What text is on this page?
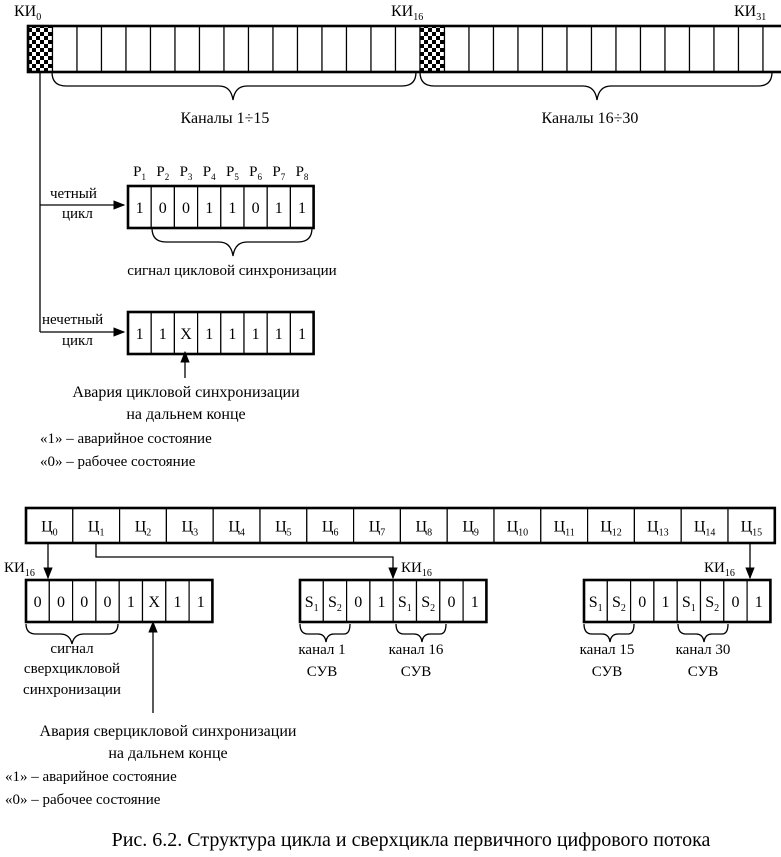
$КИ_0$	$КИ_{16}$	$КИ_{31}$
Каналы 1÷15	Каналы 16÷30
четный
цикл
$P_1$ $P_2$ $P_3$ $P_4$ $P_5$ $P_6$ $P_7$ $P_8$
1 0 0 1 1 0 1 1
сигнал цикловой синхронизации
нечетный
цикл	1 1 X 1 1 1 1 1
Авария цикловой синхронизации
на дальнем конце
«1» – аварийное состояние
«0» – рабочее состояние
$Ц_0$ $Ц_1$ $Ц_2$ $Ц_3$ $Ц_4$ $Ц_5$ $Ц_6$ $Ц_7$ $Ц_8$ $Ц_9$ $Ц_{10}$ $Ц_{11}$ $Ц_{12}$ $Ц_{13}$ $Ц_{14}$ $Ц_{15}$
$КИ_{16}$	$КИ_{16}$	$КИ_{16}$
0 0 0 0 1 X 1 1	$S_1$ $S_2$ 0 1 $S_1$ $S_2$ 0 1	$S_1$ $S_2$ 0 1 $S_1$ $S_2$ 0 1
сигнал
сверхцикловой
синхронизации
Авария сверцикловой синхронизации
на дальнем конце
«1» – аварийное состояние
«0» – рабочее состояние
канал 1
СУВ
канал 16
СУВ
канал 15
СУВ
канал 30
СУВ
Рис. 6.2. Структура цикла и сверхцикла первичного цифрового потока
